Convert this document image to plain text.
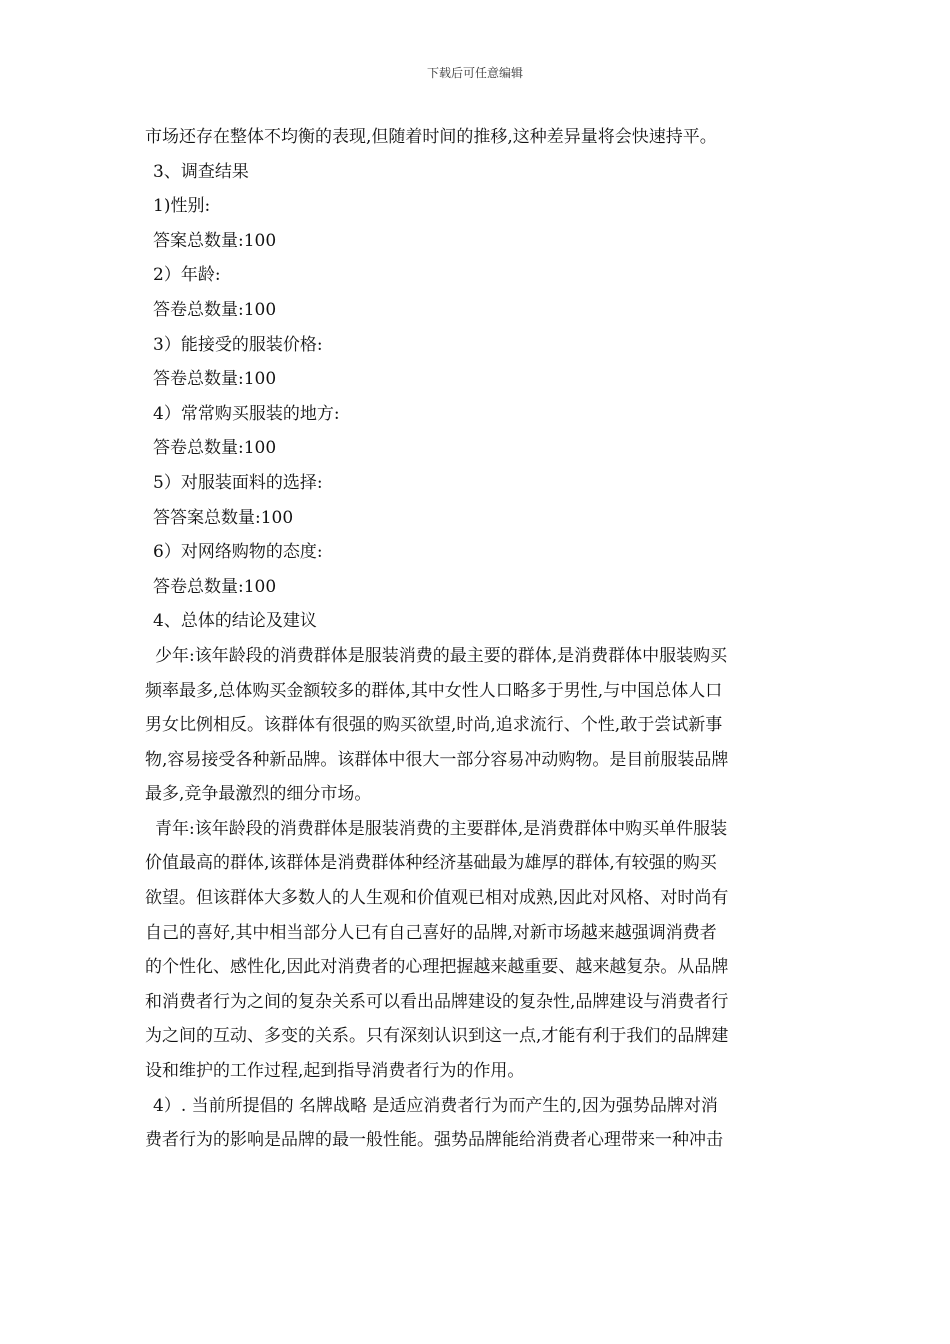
下载后可任意编辑
市场还存在整体不均衡的表现,但随着时间的推移,这种差异量将会快速持平。
3、调查结果
1)性别:
答案总数量:100
2）年龄:
答卷总数量:100
3）能接受的服装价格:
答卷总数量:100
4）常常购买服装的地方:
答卷总数量:100
5）对服装面料的选择:
答答案总数量:100
6）对网络购物的态度:
答卷总数量:100
4、总体的结论及建议
少年:该年龄段的消费群体是服装消费的最主要的群体,是消费群体中服装购买
频率最多,总体购买金额较多的群体,其中女性人口略多于男性,与中国总体人口
男女比例相反。该群体有很强的购买欲望,时尚,追求流行、个性,敢于尝试新事
物,容易接受各种新品牌。该群体中很大一部分容易冲动购物。是目前服装品牌
最多,竞争最激烈的细分市场。
青年:该年龄段的消费群体是服装消费的主要群体,是消费群体中购买单件服装
价值最高的群体,该群体是消费群体种经济基础最为雄厚的群体,有较强的购买
欲望。但该群体大多数人的人生观和价值观已相对成熟,因此对风格、对时尚有
自己的喜好,其中相当部分人已有自己喜好的品牌,对新市场越来越强调消费者
的个性化、感性化,因此对消费者的心理把握越来越重要、越来越复杂。从品牌
和消费者行为之间的复杂关系可以看出品牌建设的复杂性,品牌建设与消费者行
为之间的互动、多变的关系。只有深刻认识到这一点,才能有利于我们的品牌建
设和维护的工作过程,起到指导消费者行为的作用。
4）. 当前所提倡的 名牌战略 是适应消费者行为而产生的,因为强势品牌对消
费者行为的影响是品牌的最一般性能。强势品牌能给消费者心理带来一种冲击
